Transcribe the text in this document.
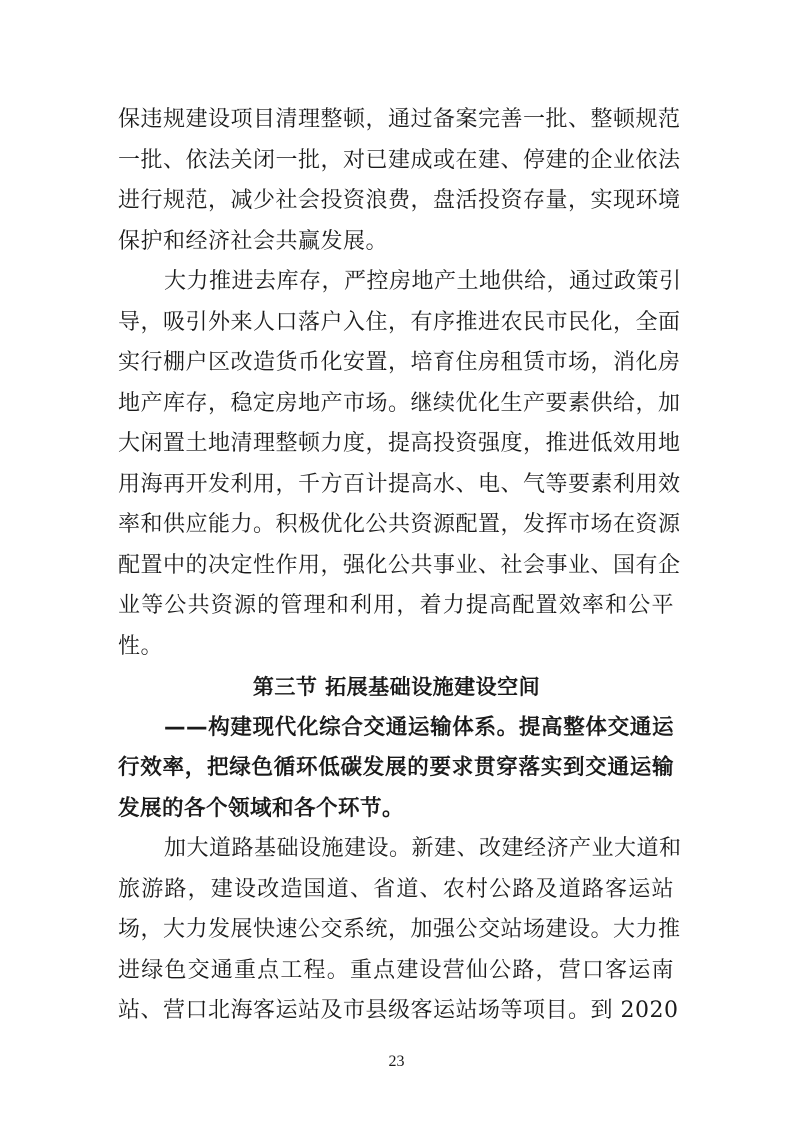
保违规建设项目清理整顿，通过备案完善一批、整顿规范
一批、依法关闭一批，对已建成或在建、停建的企业依法
进行规范，减少社会投资浪费，盘活投资存量，实现环境
保护和经济社会共赢发展。
大力推进去库存，严控房地产土地供给，通过政策引
导，吸引外来人口落户入住，有序推进农民市民化，全面
实行棚户区改造货币化安置，培育住房租赁市场，消化房
地产库存，稳定房地产市场。继续优化生产要素供给，加
大闲置土地清理整顿力度，提高投资强度，推进低效用地
用海再开发利用，千方百计提高水、电、气等要素利用效
率和供应能力。积极优化公共资源配置，发挥市场在资源
配置中的决定性作用，强化公共事业、社会事业、国有企
业等公共资源的管理和利用，着力提高配置效率和公平
性。
第三节 拓展基础设施建设空间
——构建现代化综合交通运输体系。提高整体交通运
行效率，把绿色循环低碳发展的要求贯穿落实到交通运输
发展的各个领域和各个环节。
加大道路基础设施建设。新建、改建经济产业大道和
旅游路，建设改造国道、省道、农村公路及道路客运站
场，大力发展快速公交系统，加强公交站场建设。大力推
进绿色交通重点工程。重点建设营仙公路，营口客运南
站、营口北海客运站及市县级客运站场等项目。到 2020
23
